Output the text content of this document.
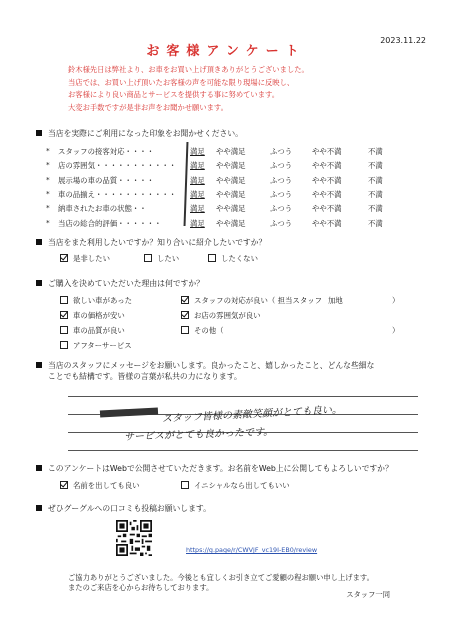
2023.11.22
お客様アンケート
鈴木様先日は弊社より、お車をお買い上げ頂きありがとうございました。
当店では、お買い上げ頂いたお客様の声を可能な限り現場に反映し、
お客様により良い商品とサービスを提供する事に努めています。
大変お手数ですが是非お声をお聞かせ願います。
当店を実際にご利用になった印象をお聞かせください。
* スタッフの接客対応・・・・	満足 やや満足	ふつう	やや不満	不満
* 店の雰囲気・・・・・・・・・・・ 満足 やや満足	ふつう	やや不満	不満
* 展示場の車の品質・・・・・	満足 やや満足	ふつう	やや不満	不満
* 車の品揃え・・・・・・・・・・・ 満足 やや満足	ふつう	やや不満	不満
* 納車されたお車の状態・・	満足 やや満足	ふつう	やや不満	不満
* 当店の総合的評価・・・・・・	満足 やや満足	ふつう	やや不満	不満
当店をまた利用したいですか？知り合いに紹介したいですか？
是非したい	したい	したくない
ご購入を決めていただいた理由は何ですか？
欲しい車があった
車の価格が安い
車の品質が良い
アフターサービス
スタッフの対応が良い（ 担当スタッフ 加地	）
お店の雰囲気が良い
その他（	）
当店のスタッフにメッセージをお願いします。良かったこと、嬉しかったこと、どんな些細な
ことでも結構です。皆様の言葉が私共の力になります。
スタッフ皆様の素敵笑顔がとても良い。
サービスがとても良かったです。
このアンケートはWebで公開させていただきます。お名前をWeb上に公開してもよろしいですか？
名前を出しても良い	イニシャルなら出してもいい
ぜひグーグルへの口コミも投稿お願いします。
https://g.page/r/CWVjF_vc19I-EB0/review
ご協力ありがとうございました。今後とも宜しくお引き立てご愛顧の程お願い申し上げます。
またのご来店を心からお待ちしております。
スタッフ一同
